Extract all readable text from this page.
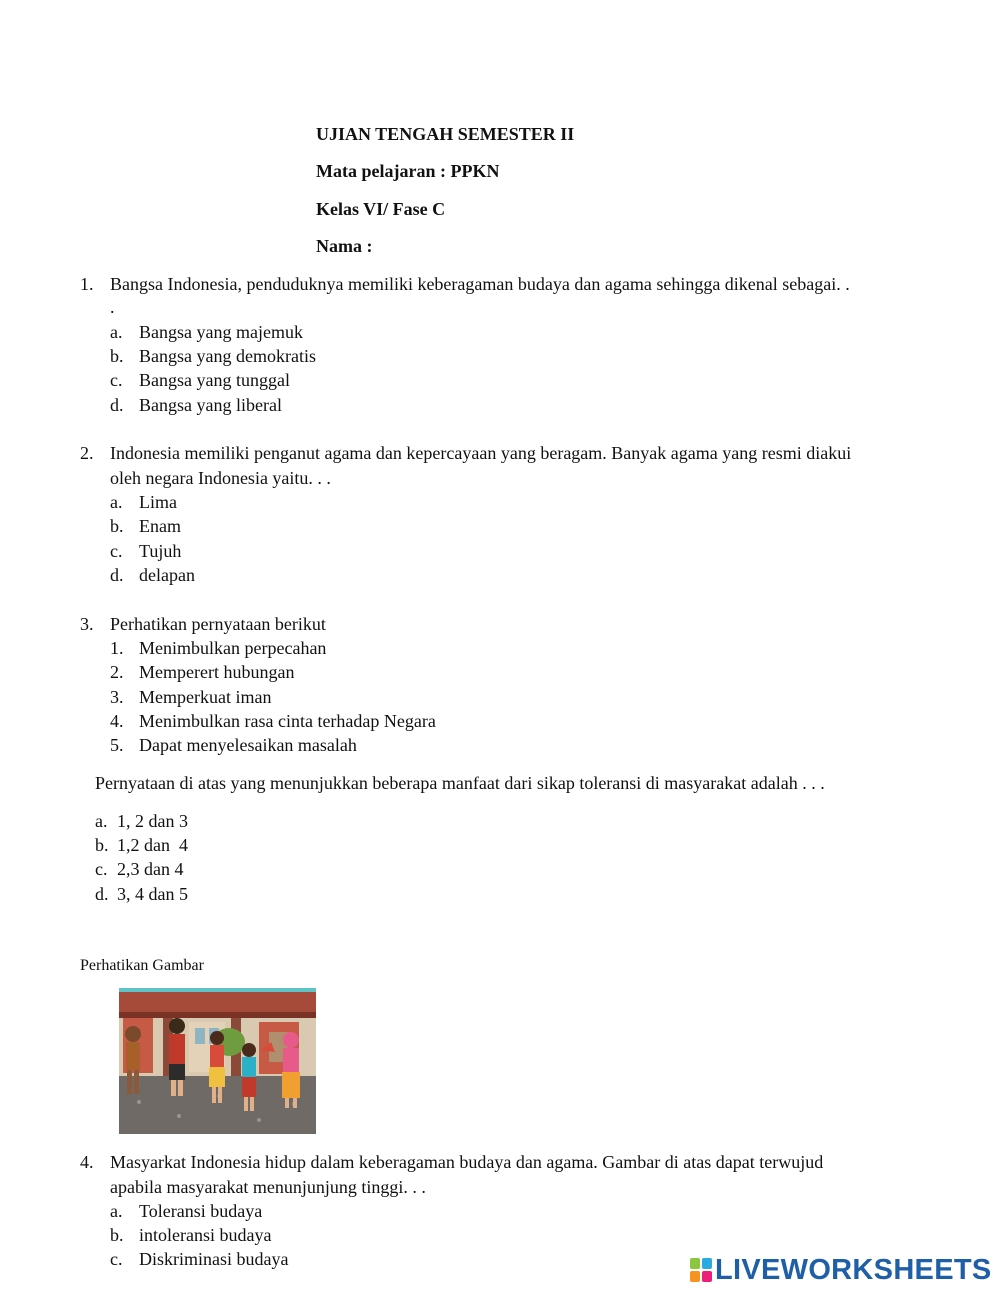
UJIAN TENGAH SEMESTER II
Mata pelajaran : PPKN
Kelas VI/ Fase C
Nama :
1. Bangsa Indonesia, penduduknya memiliki keberagaman budaya dan agama sehingga dikenal sebagai. .
.
a. Bangsa yang majemuk
b. Bangsa yang demokratis
c. Bangsa yang tunggal
d. Bangsa yang liberal
2. Indonesia memiliki penganut agama dan kepercayaan yang beragam. Banyak agama yang resmi diakui
oleh negara Indonesia yaitu. . .
a. Lima
b. Enam
c. Tujuh
d. delapan
3. Perhatikan pernyataan berikut
1. Menimbulkan perpecahan
2. Memperert hubungan
3. Memperkuat iman
4. Menimbulkan rasa cinta terhadap Negara
5. Dapat menyelesaikan masalah
Pernyataan di atas yang menunjukkan beberapa manfaat dari sikap toleransi di masyarakat adalah . . .
a. 1, 2 dan 3
b. 1,2 dan  4
c. 2,3 dan 4
d. 3, 4 dan 5
Perhatikan Gambar
4. Masyarkat Indonesia hidup dalam keberagaman budaya dan agama. Gambar di atas dapat terwujud
apabila masyarakat menunjunjung tinggi. . .
a. Toleransi budaya
b. intoleransi budaya
c. Diskriminasi budaya	LIVEWORKSHEETS
